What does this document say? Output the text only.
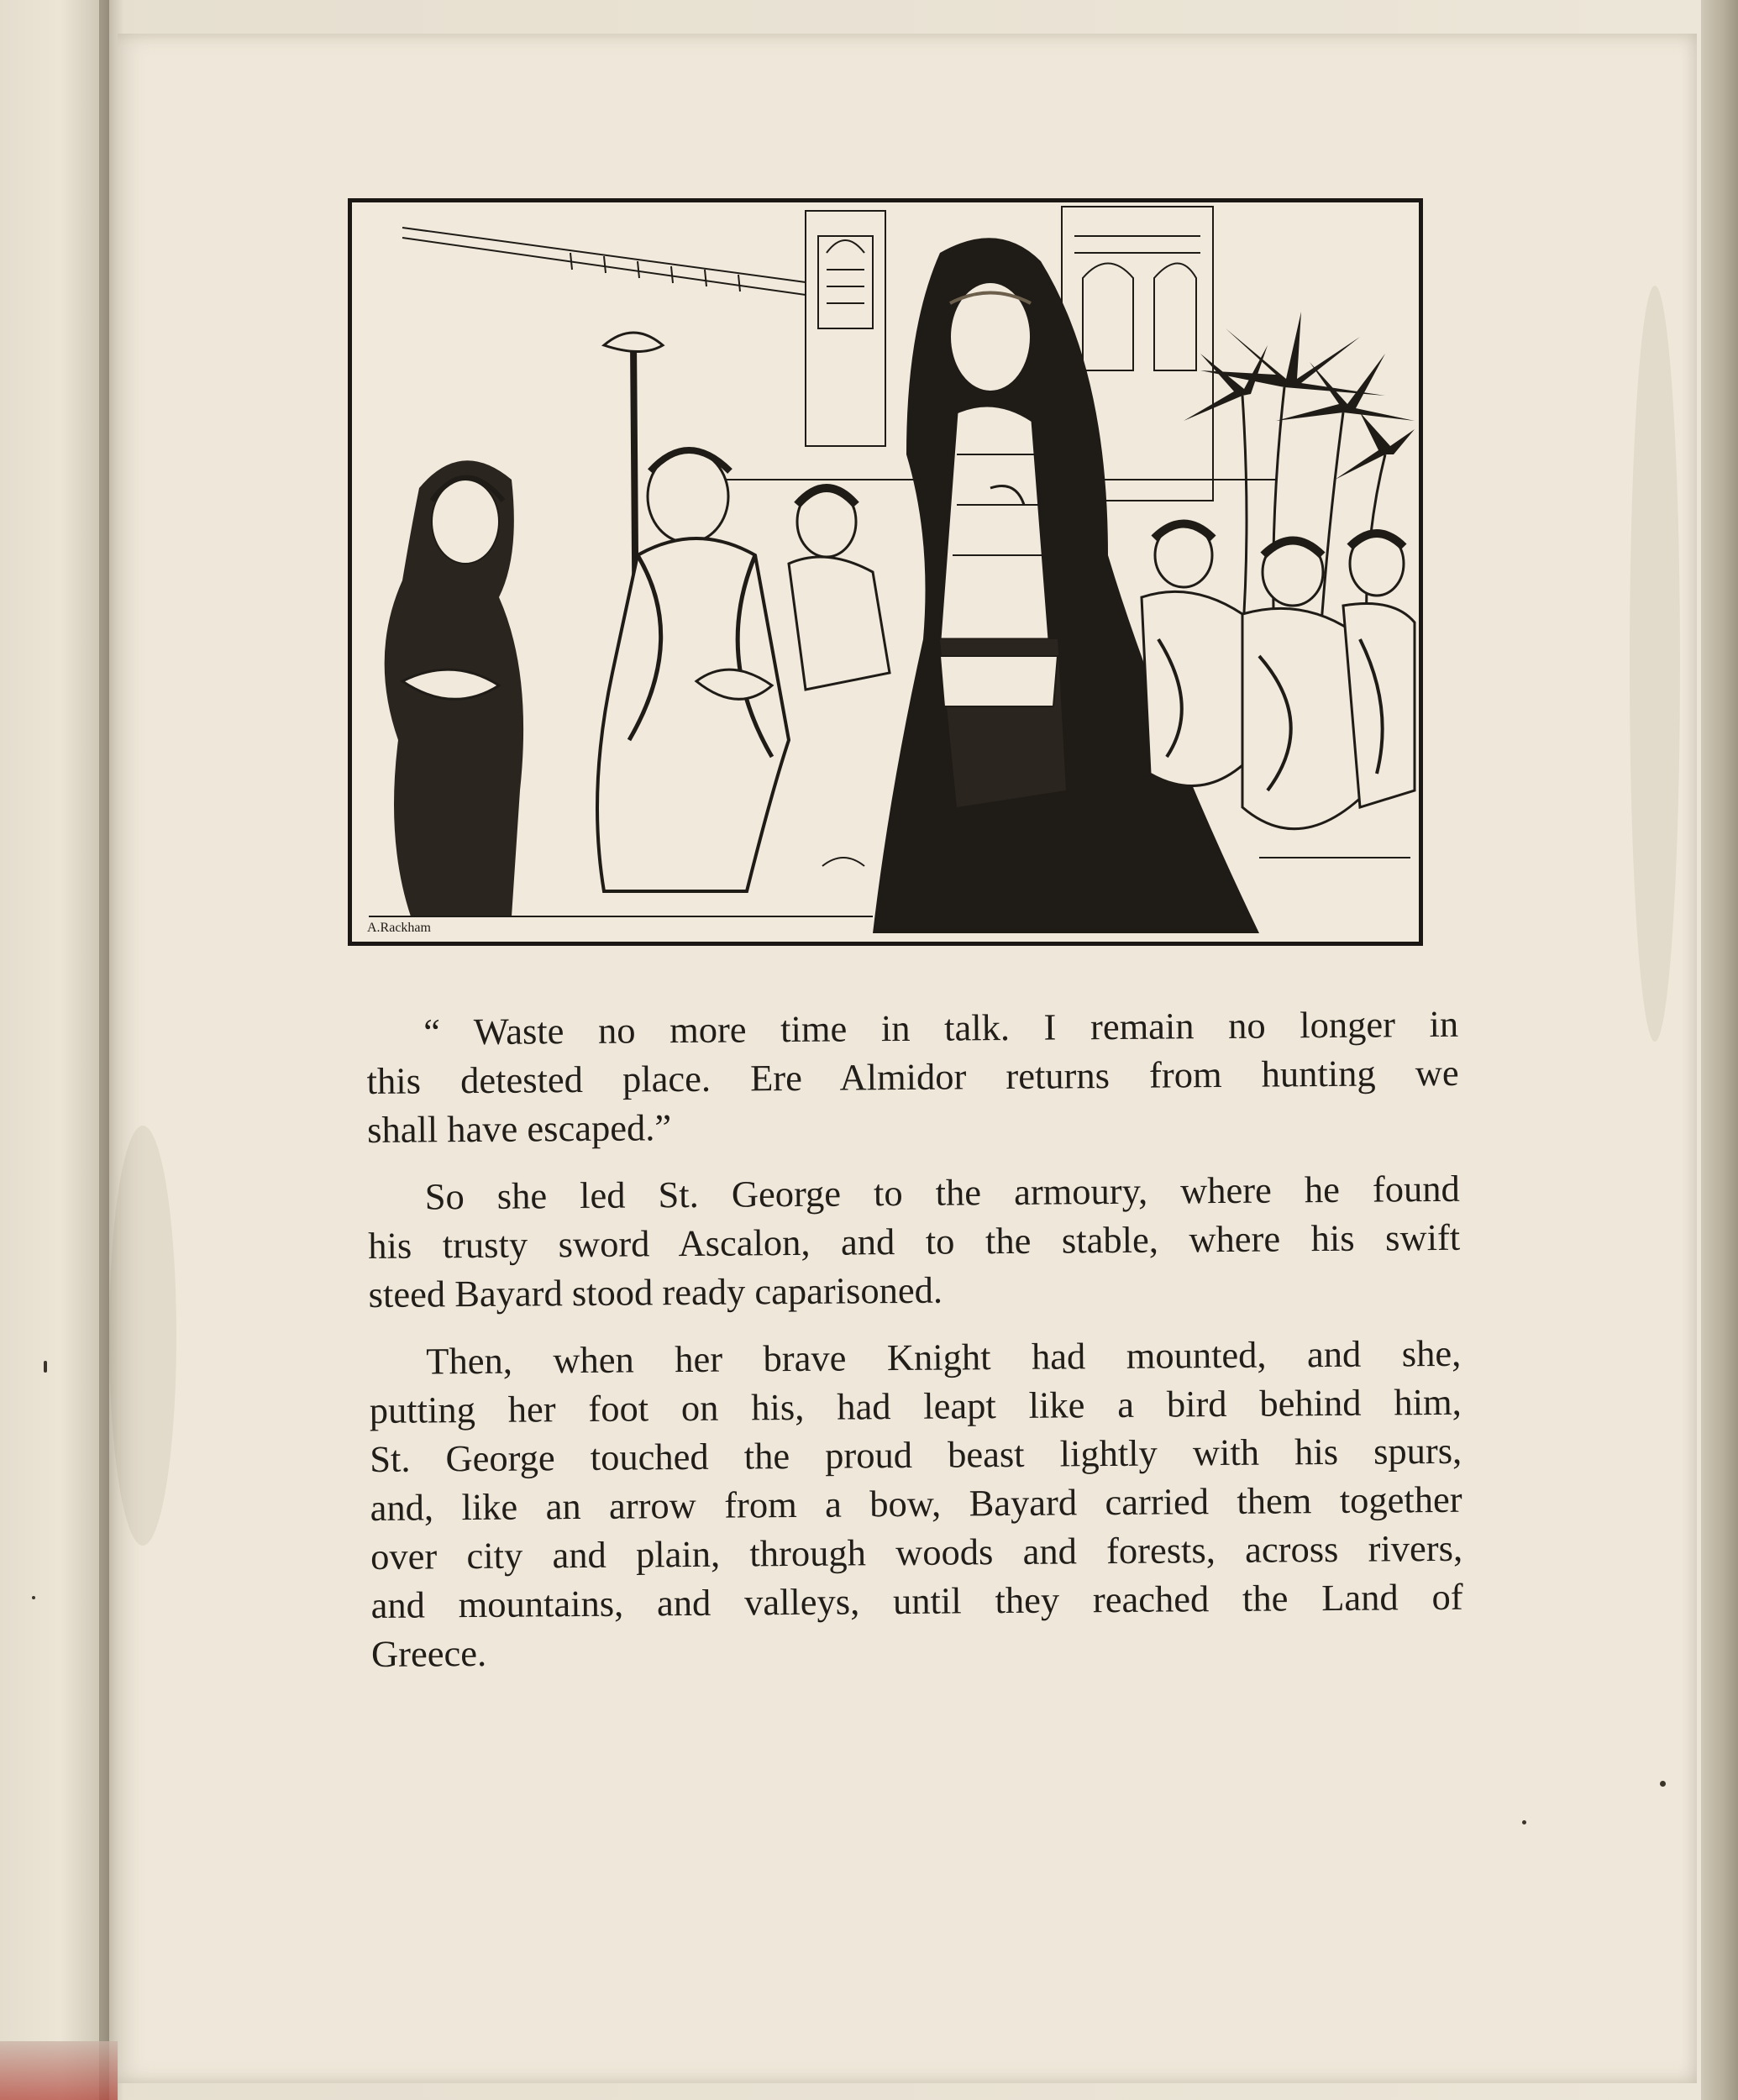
A.Rackham
“ Waste no more time in talk. I remain no longer in
this detested place. Ere Almidor returns from hunting we
shall have escaped.”
So she led St. George to the armoury, where he found
his trusty sword Ascalon, and to the stable, where his swift
steed Bayard stood ready caparisoned.
Then, when her brave Knight had mounted, and she,
putting her foot on his, had leapt like a bird behind him,
St. George touched the proud beast lightly with his spurs,
and, like an arrow from a bow, Bayard carried them together
over city and plain, through woods and forests, across rivers,
and mountains, and valleys, until they reached the Land of
Greece.
